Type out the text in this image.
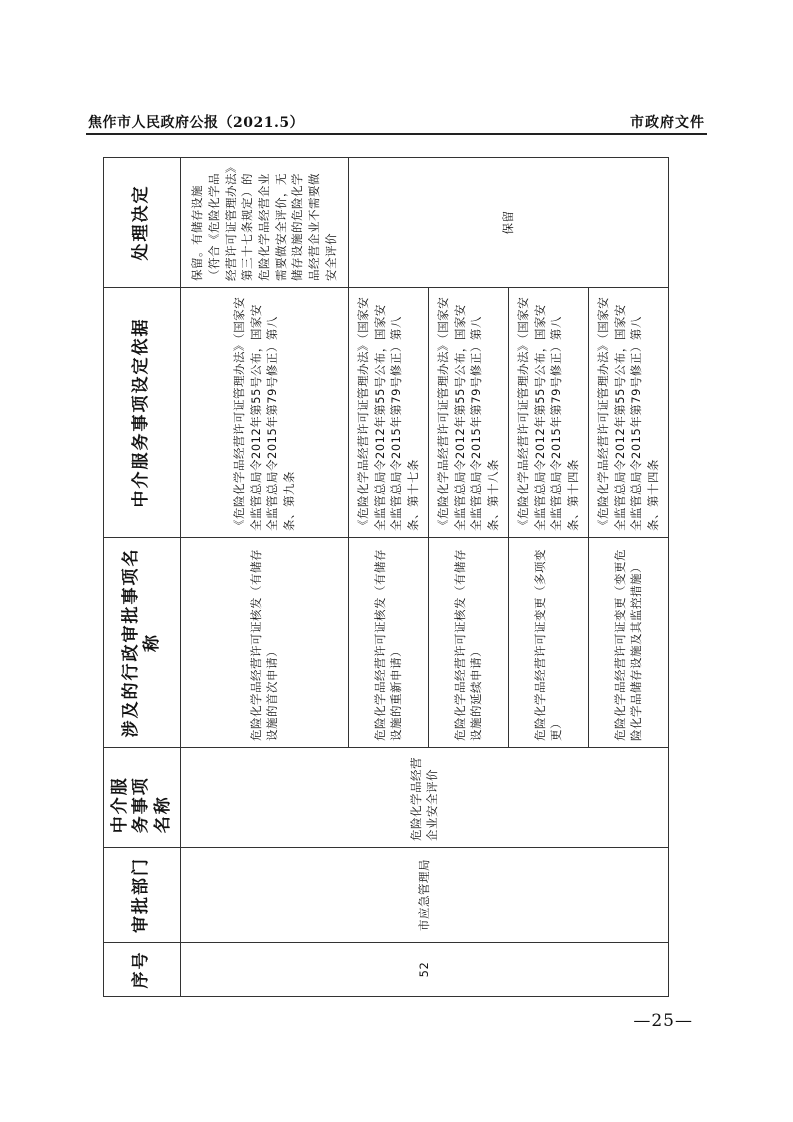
焦作市人民政府公报（2021.5）	市政府文件
序号	审批部门	中介服务事项名称	涉及的行政审批事项名称	中介服务事项设定依据	处理决定
52	市应急管理局	危险化学品经营企业安全评价	危险化学品经营许可证核发（有储存设施的首次申请）	《危险化学品经营许可证管理办法》（国家安全监管总局令2012年第55号公布，国家安全监管总局令2015年第79号修正）第八条、第九条	保留。有储存设施（符合《危险化学品经营许可证管理办法》第三十七条规定）的危险化学品经营企业需要做安全评价，无储存设施的危险化学品经营企业不需要做安全评价
			危险化学品经营许可证核发（有储存设施的重新申请）	《危险化学品经营许可证管理办法》（国家安全监管总局令2012年第55号公布，国家安全监管总局令2015年第79号修正）第八条、第十七条	保留
			危险化学品经营许可证核发（有储存设施的延续申请）	《危险化学品经营许可证管理办法》（国家安全监管总局令2012年第55号公布，国家安全监管总局令2015年第79号修正）第八条、第十八条	
			危险化学品经营许可证变更（多项变更）	《危险化学品经营许可证管理办法》（国家安全监管总局令2012年第55号公布，国家安全监管总局令2015年第79号修正）第八条、第十四条	
			危险化学品经营许可证变更（变更危险化学品储存设施及其监控措施）	《危险化学品经营许可证管理办法》（国家安全监管总局令2012年第55号公布，国家安全监管总局令2015年第79号修正）第八条、第十四条	
—25—
